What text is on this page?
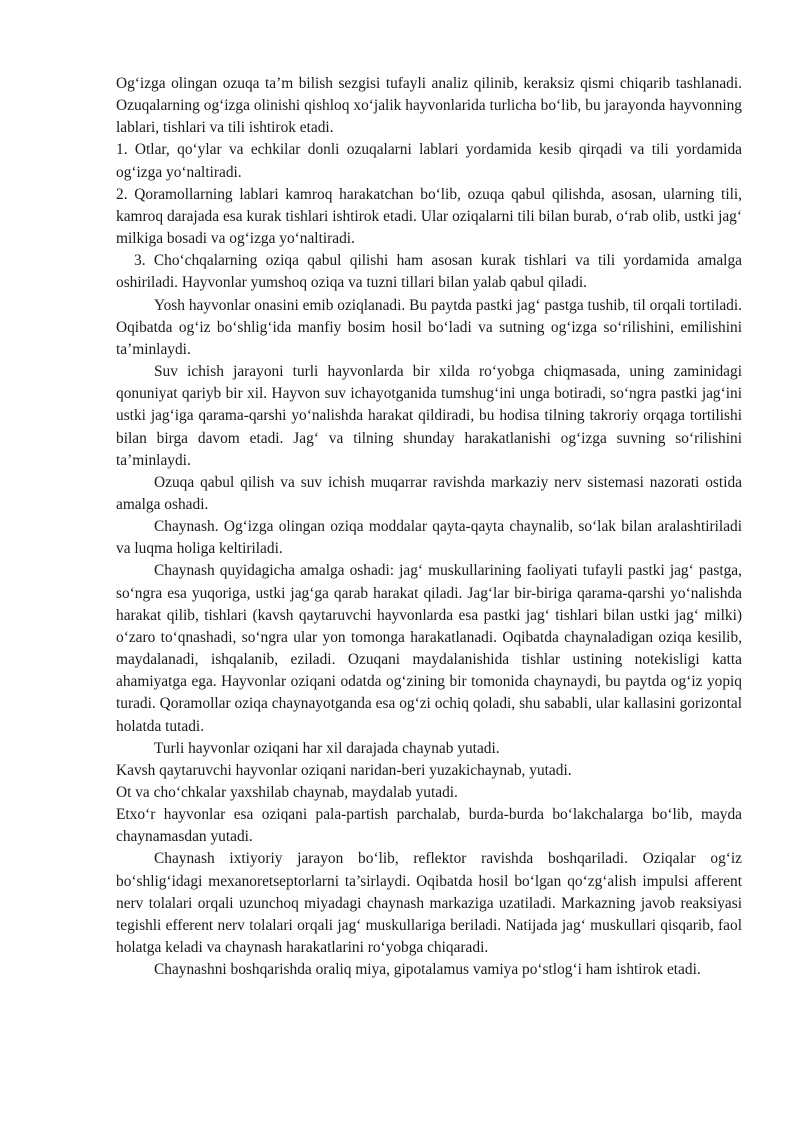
Og‘izga olingan ozuqa ta’m bilish sezgisi tufayli analiz qilinib, keraksiz qismi chiqarib tashlanadi. Ozuqalarning og‘izga olinishi qishloq xo‘jalik hayvonlarida turlicha bo‘lib, bu jarayonda hayvonning lablari, tishlari va tili ishtirok etadi.

1. Otlar, qo‘ylar va echkilar donli ozuqalarni lablari yordamida kesib qirqadi va tili yordamida og‘izga yo‘naltiradi.

2. Qoramollarning lablari kamroq harakatchan bo‘lib, ozuqa qabul qilishda, asosan, ularning tili, kamroq darajada esa kurak tishlari ishtirok etadi. Ular oziqalarni tili bilan burab, o‘rab olib, ustki jag‘ milkiga bosadi va og‘izga yo‘naltiradi.

3. Cho‘chqalarning oziqa qabul qilishi ham asosan kurak tishlari va tili yordamida amalga oshiriladi. Hayvonlar yumshoq oziqa va tuzni tillari bilan yalab qabul qiladi.

Yosh hayvonlar onasini emib oziqlanadi. Bu paytda pastki jag‘ pastga tushib, til orqali tortiladi. Oqibatda og‘iz bo‘shlig‘ida manfiy bosim hosil bo‘ladi va sutning og‘izga so‘rilishini, emilishini ta’minlaydi.

Suv ichish jarayoni turli hayvonlarda bir xilda ro‘yobga chiqmasada, uning zaminidagi qonuniyat qariyb bir xil. Hayvon suv ichayotganida tumshug‘ini unga botiradi, so‘ngra pastki jag‘ini ustki jag‘iga qarama-qarshi yo‘nalishda harakat qildiradi, bu hodisa tilning takroriy orqaga tortilishi bilan birga davom etadi. Jag‘ va tilning shunday harakatlanishi og‘izga suvning so‘rilishini ta’minlaydi.

Ozuqa qabul qilish va suv ichish muqarrar ravishda markaziy nerv sistemasi nazorati ostida amalga oshadi.

Chaynash. Og‘izga olingan oziqa moddalar qayta-qayta chaynalib, so‘lak bilan aralashtiriladi va luqma holiga keltiriladi.

Chaynash quyidagicha amalga oshadi: jag‘ muskullarining faoliyati tufayli pastki jag‘ pastga, so‘ngra esa yuqoriga, ustki jag‘ga qarab harakat qiladi. Jag‘lar bir-biriga qarama-qarshi yo‘nalishda harakat qilib, tishlari (kavsh qaytaruvchi hayvonlarda esa pastki jag‘ tishlari bilan ustki jag‘ milki) o‘zaro to‘qnashadi, so‘ngra ular yon tomonga harakatlanadi. Oqibatda chaynaladigan oziqa kesilib, maydalanadi, ishqalanib, eziladi. Ozuqani maydalanishida tishlar ustining notekisligi katta ahamiyatga ega. Hayvonlar oziqani odatda og‘zining bir tomonida chaynaydi, bu paytda og‘iz yopiq turadi. Qoramollar oziqa chaynayotganda esa og‘zi ochiq qoladi, shu sababli, ular kallasini gorizontal holatda tutadi.

Turli hayvonlar oziqani har xil darajada chaynab yutadi.

Kavsh qaytaruvchi hayvonlar oziqani naridan-beri yuzakichaynab, yutadi.

Ot va cho‘chkalar yaxshilab chaynab, maydalab yutadi.

Etxo‘r hayvonlar esa oziqani pala-partish parchalab, burda-burda bo‘lakchalarga bo‘lib, mayda chaynamasdan yutadi.

Chaynash ixtiyoriy jarayon bo‘lib, reflektor ravishda boshqariladi. Oziqalar og‘iz bo‘shlig‘idagi mexanoretseptorlarni ta’sirlaydi. Oqibatda hosil bo‘lgan qo‘zg‘alish impulsi afferent nerv tolalari orqali uzunchoq miyadagi chaynash markaziga uzatiladi. Markazning javob reaksiyasi tegishli efferent nerv tolalari orqali jag‘ muskullariga beriladi. Natijada jag‘ muskullari qisqarib, faol holatga keladi va chaynash harakatlarini ro‘yobga chiqaradi.

Chaynashni boshqarishda oraliq miya, gipotalamus vamiya po‘stlog‘i ham ishtirok etadi.
